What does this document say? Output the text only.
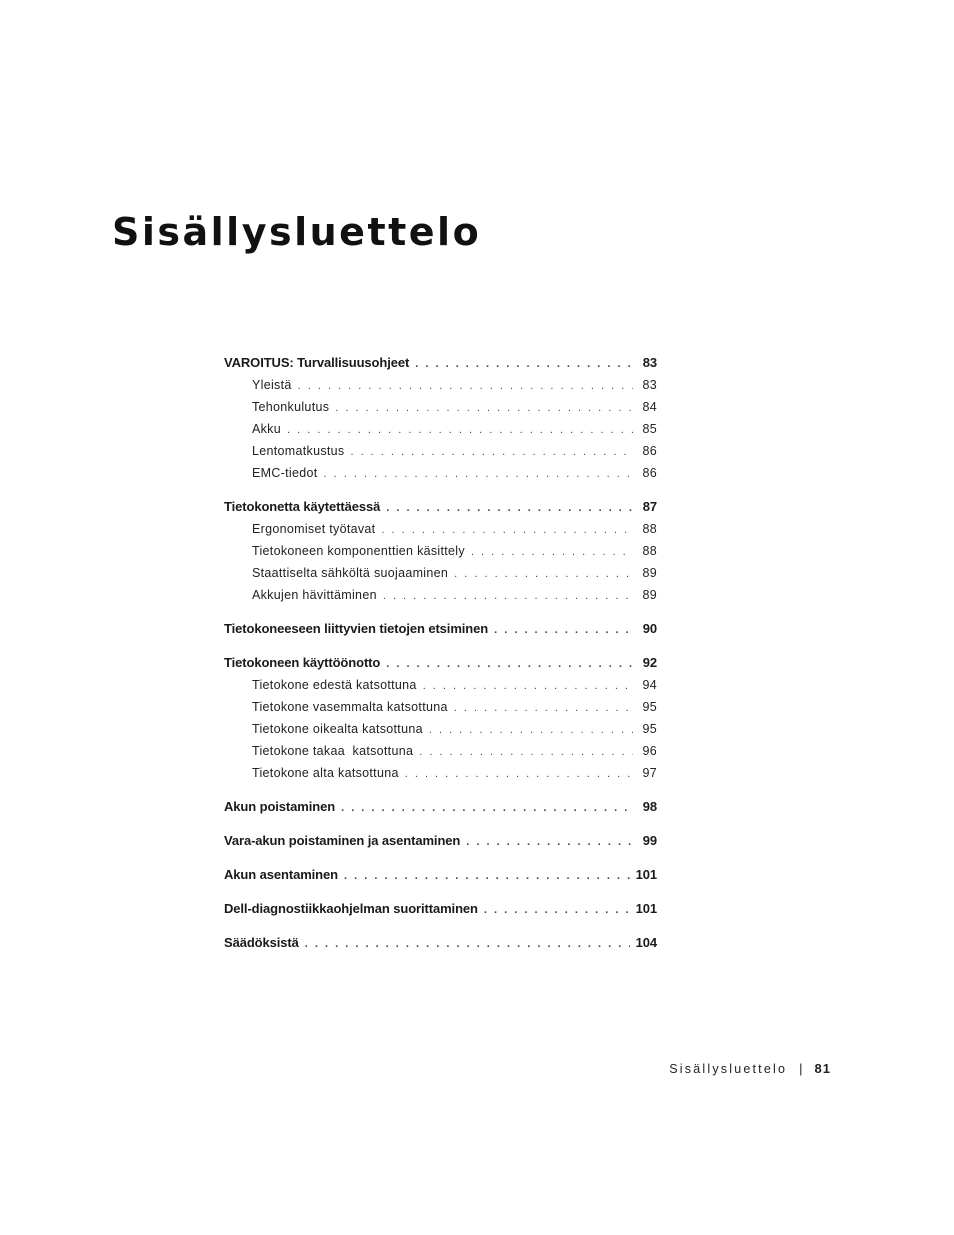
Sisällysluettelo
VAROITUS: Turvallisuusohjeet . . .	83
Yleistä . . .	83
Tehonkulutus . . .	84
Akku . . .	85
Lentomatkustus . . .	86
EMC-tiedot . . .	86
Tietokonetta käytettäessä . . .	87
Ergonomiset työtavat . . .	88
Tietokoneen komponenttien käsittely . . .	88
Staattiselta sähköltä suojaaminen . . .	89
Akkujen hävittäminen . . .	89
Tietokoneeseen liittyvien tietojen etsiminen . . .	90
Tietokoneen käyttöönotto . . .	92
Tietokone edestä katsottuna . . .	94
Tietokone vasemmalta katsottuna . . .	95
Tietokone oikealta katsottuna . . .	95
Tietokone takaa  katsottuna . . .	96
Tietokone alta katsottuna . . .	97
Akun poistaminen . . .	98
Vara-akun poistaminen ja asentaminen . . .	99
Akun asentaminen . . .	101
Dell-diagnostiikkaohjelman suorittaminen . . .	101
Säädöksistä . . .	104
Sisällysluettelo | 81
